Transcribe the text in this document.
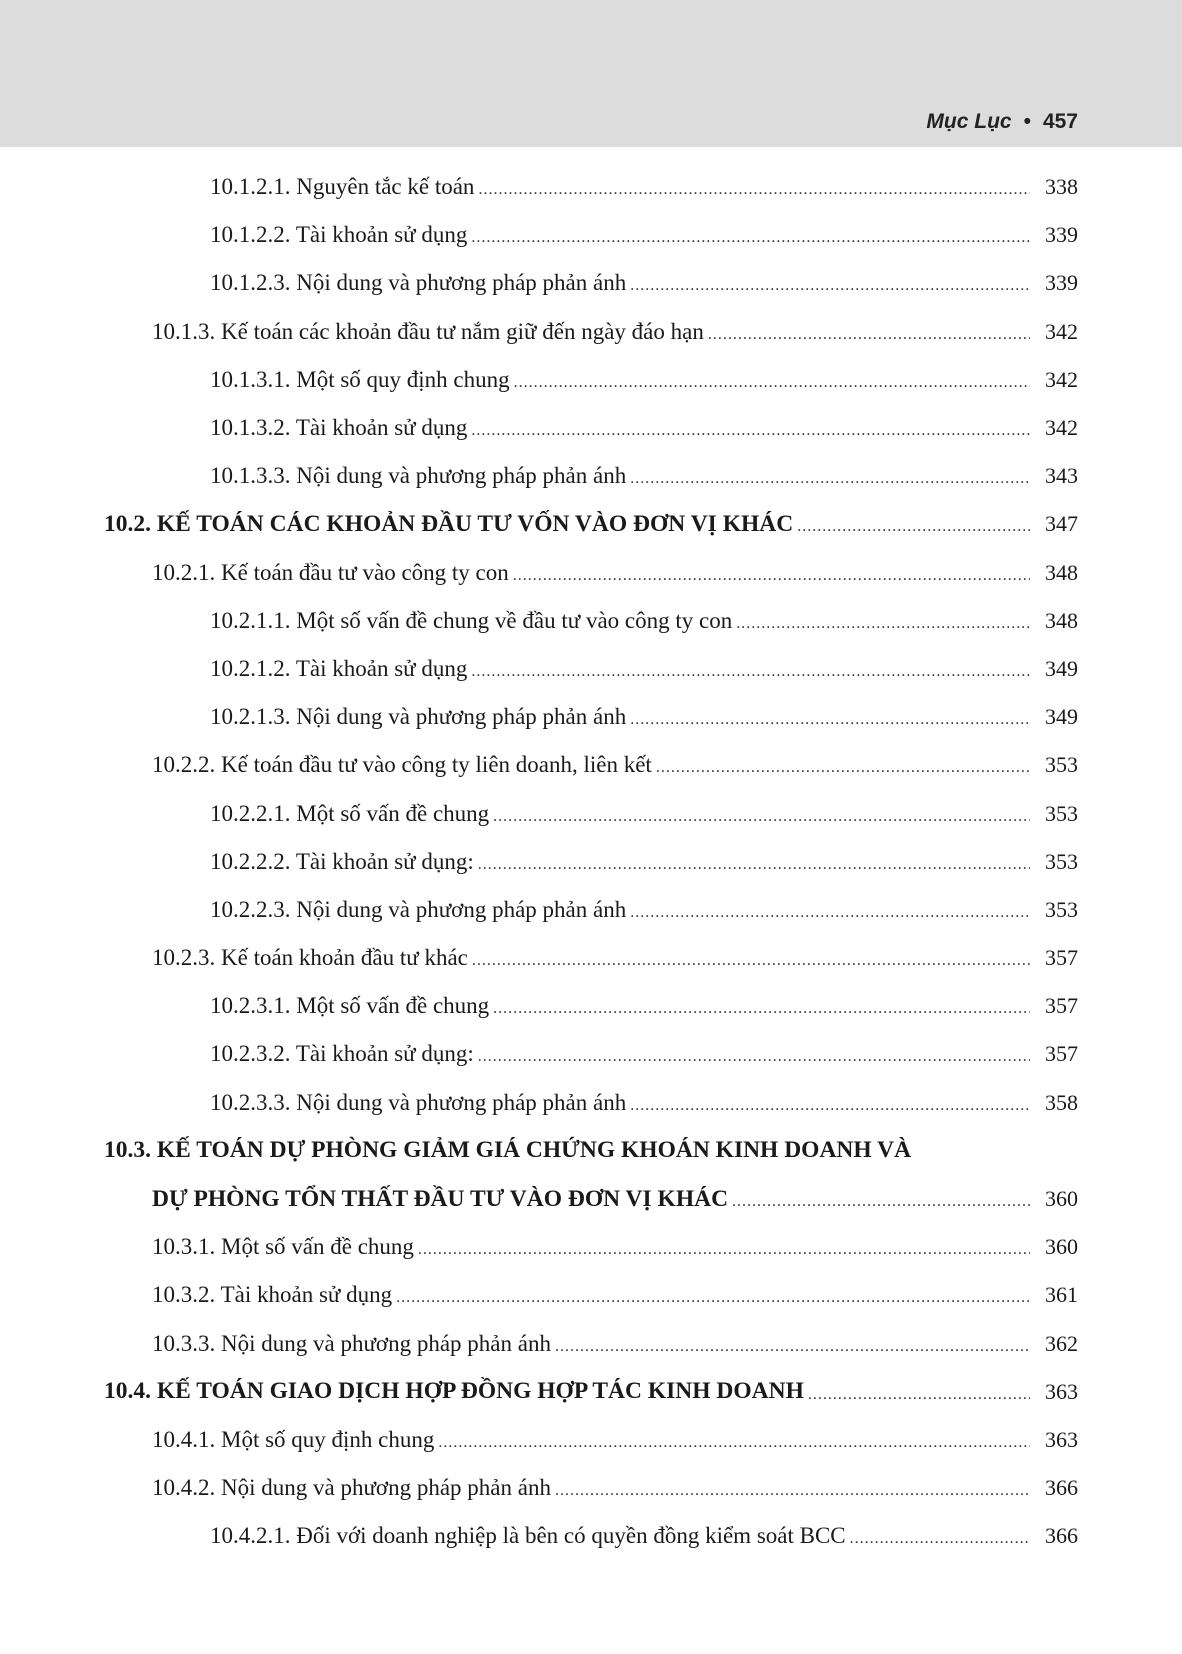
Mục Lục • 457
10.1.2.1. Nguyên tắc kế toán .....	338
10.1.2.2. Tài khoản sử dụng .....	339
10.1.2.3. Nội dung và phương pháp phản ánh .....	339
10.1.3. Kế toán các khoản đầu tư nắm giữ đến ngày đáo hạn .....	342
10.1.3.1. Một số quy định chung .....	342
10.1.3.2. Tài khoản sử dụng .....	342
10.1.3.3. Nội dung và phương pháp phản ánh .....	343
10.2. KẾ TOÁN CÁC KHOẢN ĐẦU TƯ VỐN VÀO ĐƠN VỊ KHÁC .....	347
10.2.1. Kế toán đầu tư vào công ty con .....	348
10.2.1.1. Một số vấn đề chung về đầu tư vào công ty con .....	348
10.2.1.2. Tài khoản sử dụng .....	349
10.2.1.3. Nội dung và phương pháp phản ánh .....	349
10.2.2. Kế toán đầu tư vào công ty liên doanh, liên kết .....	353
10.2.2.1. Một số vấn đề chung .....	353
10.2.2.2. Tài khoản sử dụng: .....	353
10.2.2.3. Nội dung và phương pháp phản ánh .....	353
10.2.3. Kế toán khoản đầu tư khác .....	357
10.2.3.1. Một số vấn đề chung .....	357
10.2.3.2. Tài khoản sử dụng: .....	357
10.2.3.3. Nội dung và phương pháp phản ánh .....	358
10.3. KẾ TOÁN DỰ PHÒNG GIẢM GIÁ CHỨNG KHOÁN KINH DOANH VÀ
DỰ PHÒNG TỔN THẤT ĐẦU TƯ VÀO ĐƠN VỊ KHÁC .....	360
10.3.1. Một số vấn đề chung .....	360
10.3.2. Tài khoản sử dụng .....	361
10.3.3. Nội dung và phương pháp phản ánh .....	362
10.4. KẾ TOÁN GIAO DỊCH HỢP ĐỒNG HỢP TÁC KINH DOANH .....	363
10.4.1. Một số quy định chung .....	363
10.4.2. Nội dung và phương pháp phản ánh .....	366
10.4.2.1. Đối với doanh nghiệp là bên có quyền đồng kiểm soát BCC .....	366
